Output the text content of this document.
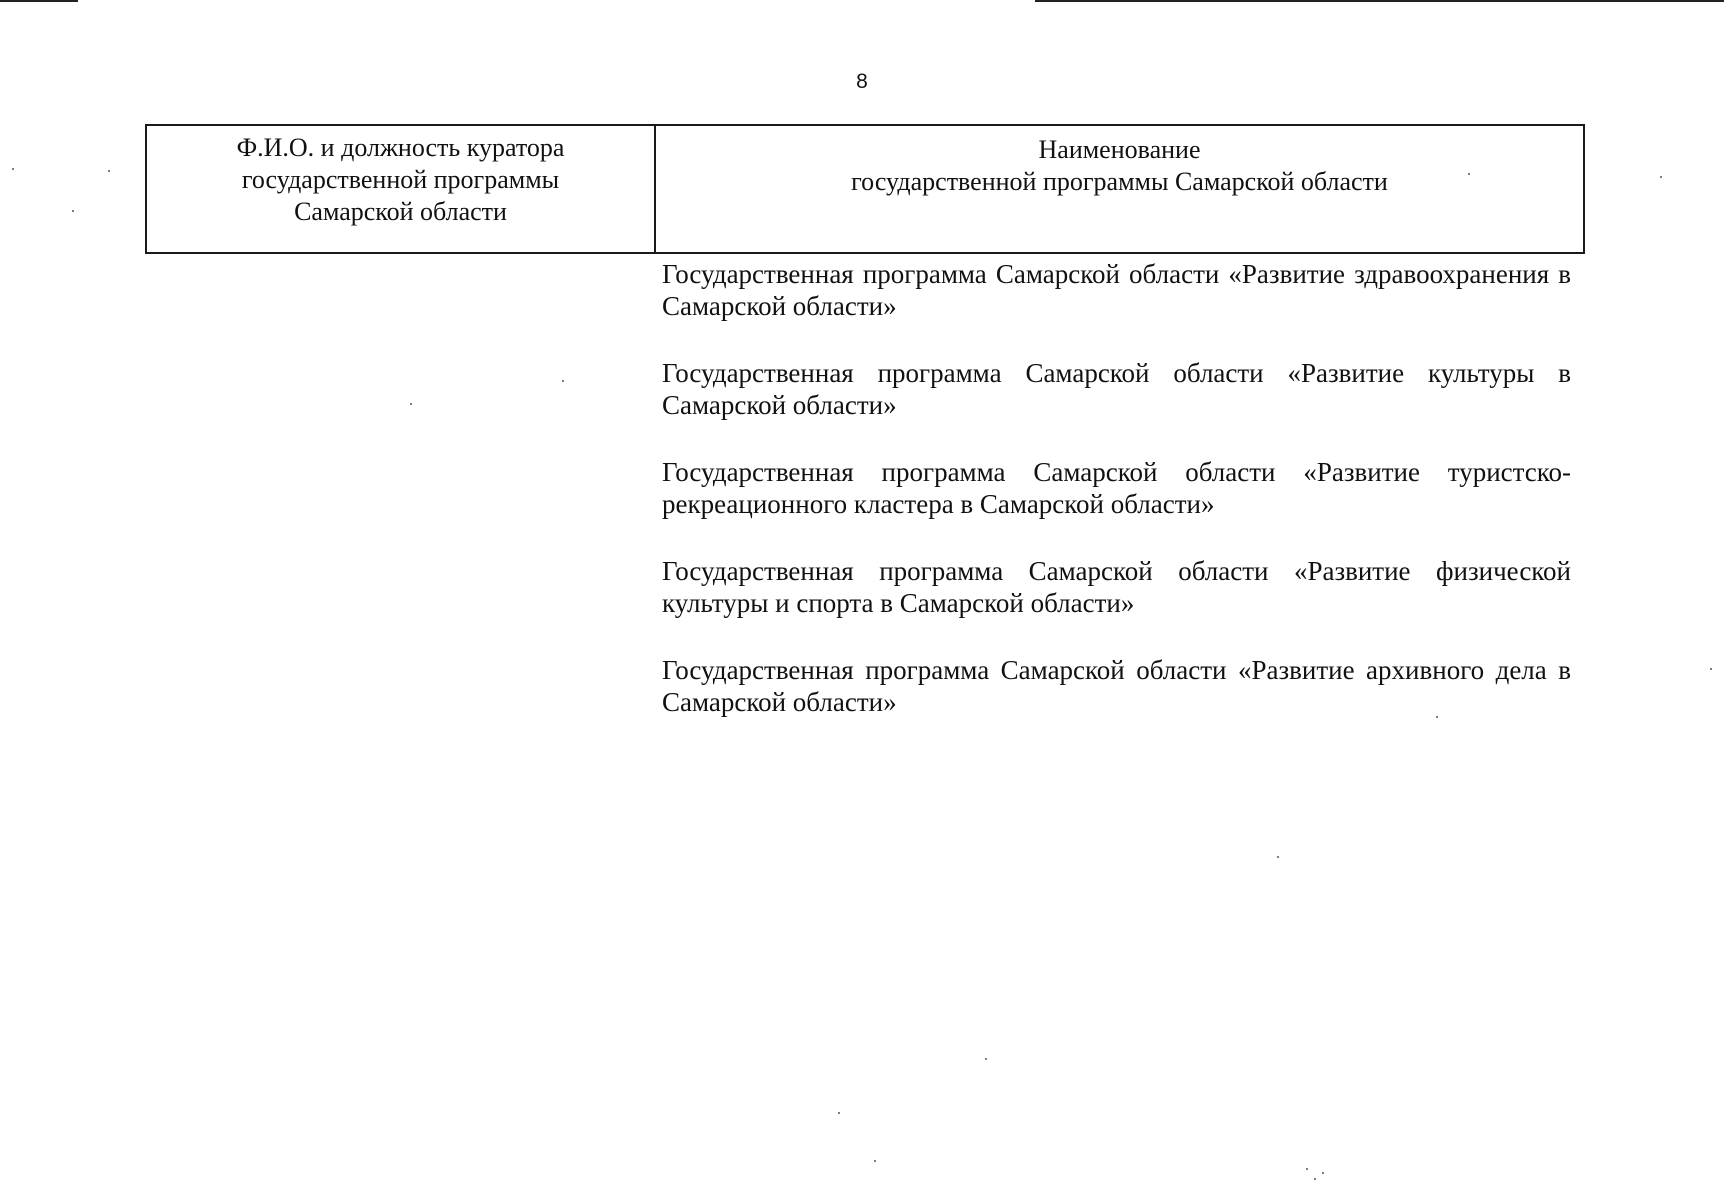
8
Ф.И.О. и должность куратора
государственной программы
Самарской области
Наименование
государственной программы Самарской области
Государственная программа Самарской области «Развитие здравоохранения в Самарской области»
Государственная программа Самарской области «Развитие культуры в Самарской области»
Государственная программа Самарской области «Развитие туристско-рекреационного кластера в Самарской области»
Государственная программа Самарской области «Развитие физической культуры и спорта в Самарской области»
Государственная программа Самарской области «Развитие архивного дела в Самарской области»
